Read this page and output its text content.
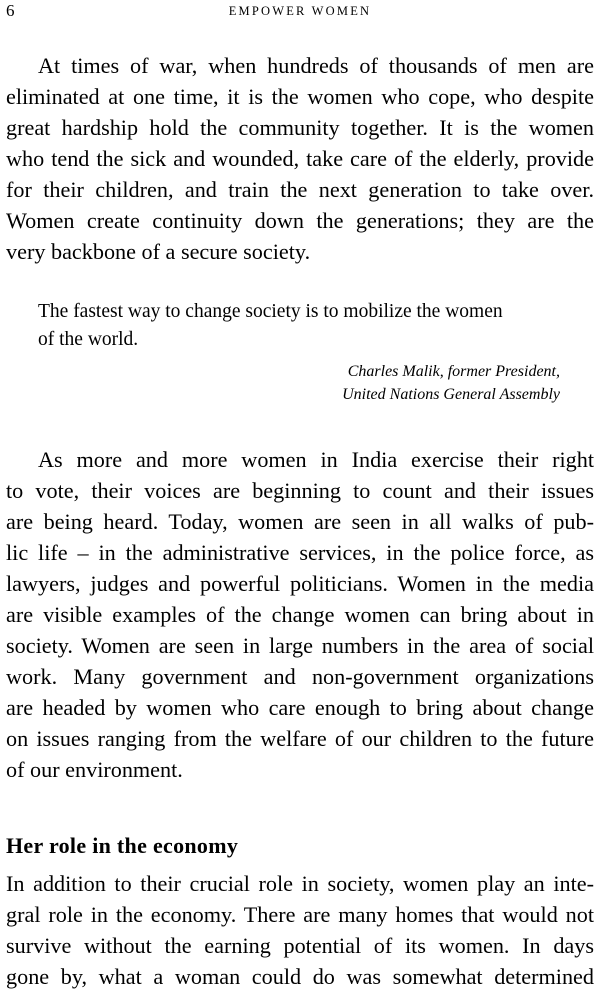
6	EMPOWER WOMEN
At times of war, when hundreds of thousands of men are
eliminated at one time, it is the women who cope, who despite
great hardship hold the community together. It is the women
who tend the sick and wounded, take care of the elderly, provide
for their children, and train the next generation to take over.
Women create continuity down the generations; they are the
very backbone of a secure society.
The fastest way to change society is to mobilize the women
of the world.
Charles Malik, former President,
United Nations General Assembly
As more and more women in India exercise their right
to vote, their voices are beginning to count and their issues
are being heard. Today, women are seen in all walks of pub-
lic life – in the administrative services, in the police force, as
lawyers, judges and powerful politicians. Women in the media
are visible examples of the change women can bring about in
society. Women are seen in large numbers in the area of social
work. Many government and non-government organizations
are headed by women who care enough to bring about change
on issues ranging from the welfare of our children to the future
of our environment.
Her role in the economy
In addition to their crucial role in society, women play an inte-
gral role in the economy. There are many homes that would not
survive without the earning potential of its women. In days
gone by, what a woman could do was somewhat determined
